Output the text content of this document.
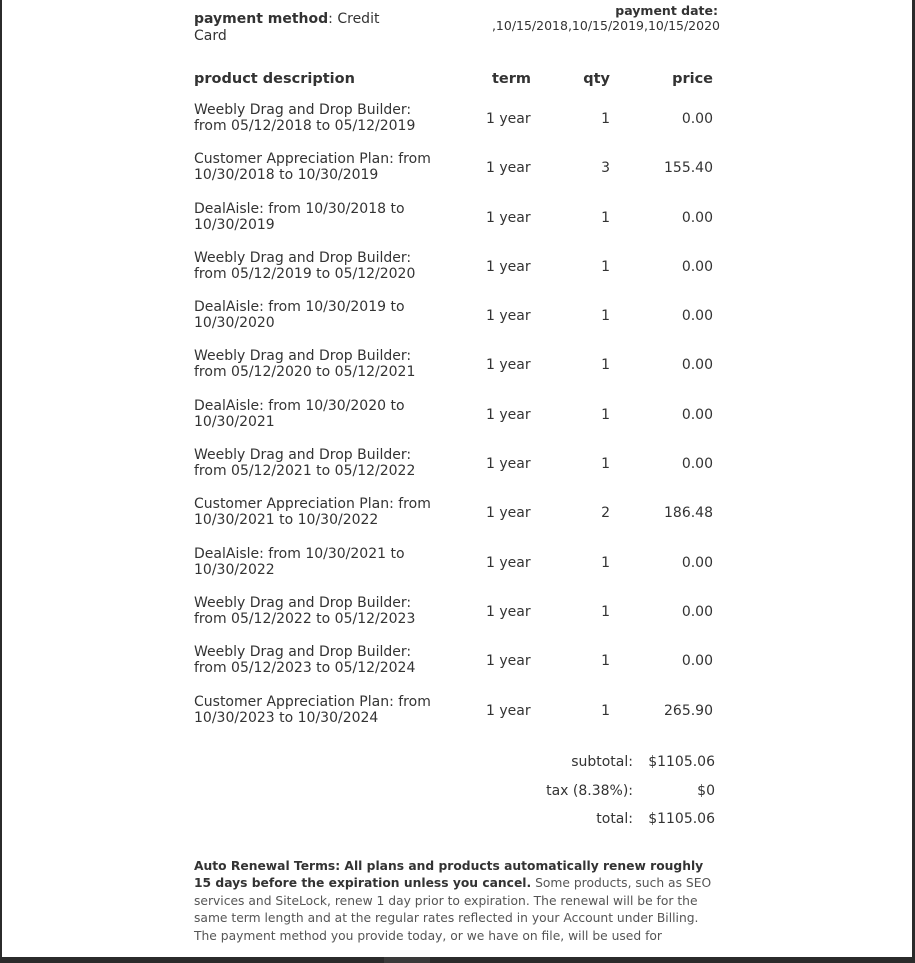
payment method: Credit Card
payment date:
,10/15/2018,10/15/2019,10/15/2020
product description	term	qty	price
Weebly Drag and Drop Builder: from 05/12/2018 to 05/12/2019	1 year	1	0.00
Customer Appreciation Plan: from 10/30/2018 to 10/30/2019	1 year	3	155.40
DealAisle: from 10/30/2018 to 10/30/2019	1 year	1	0.00
Weebly Drag and Drop Builder: from 05/12/2019 to 05/12/2020	1 year	1	0.00
DealAisle: from 10/30/2019 to 10/30/2020	1 year	1	0.00
Weebly Drag and Drop Builder: from 05/12/2020 to 05/12/2021	1 year	1	0.00
DealAisle: from 10/30/2020 to 10/30/2021	1 year	1	0.00
Weebly Drag and Drop Builder: from 05/12/2021 to 05/12/2022	1 year	1	0.00
Customer Appreciation Plan: from 10/30/2021 to 10/30/2022	1 year	2	186.48
DealAisle: from 10/30/2021 to 10/30/2022	1 year	1	0.00
Weebly Drag and Drop Builder: from 05/12/2022 to 05/12/2023	1 year	1	0.00
Weebly Drag and Drop Builder: from 05/12/2023 to 05/12/2024	1 year	1	0.00
Customer Appreciation Plan: from 10/30/2023 to 10/30/2024	1 year	1	265.90
subtotal: $1105.06
tax (8.38%):	$0
total: $1105.06
Auto Renewal Terms: All plans and products automatically renew roughly 15 days before the expiration unless you cancel. Some products, such as SEO services and SiteLock, renew 1 day prior to expiration. The renewal will be for the same term length and at the regular rates reflected in your Account under Billing. The payment method you provide today, or we have on file, will be used for
